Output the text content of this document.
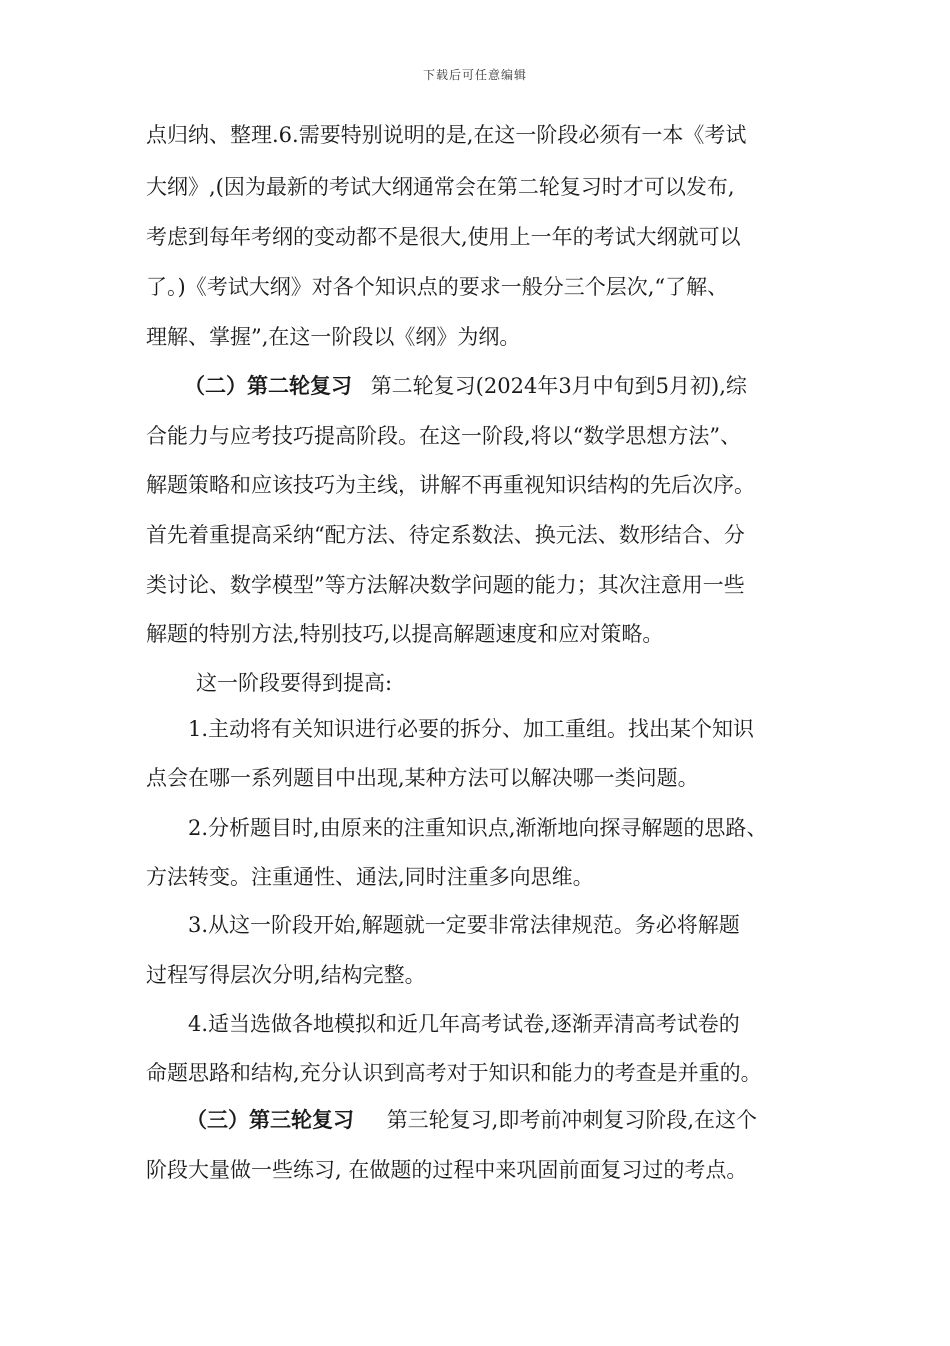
下载后可任意编辑
点归纳、整理.6.需要特别说明的是,在这一阶段必须有一本《考试
大纲》,(因为最新的考试大纲通常会在第二轮复习时才可以发布,
考虑到每年考纲的变动都不是很大,使用上一年的考试大纲就可以
了。)《考试大纲》对各个知识点的要求一般分三个层次,“了解、
理解、掌握”,在这一阶段以《纲》为纲。
（二）第二轮复习 第二轮复习(2024年3月中旬到5月初),综
合能力与应考技巧提高阶段。在这一阶段,将以“数学思想方法”、
解题策略和应该技巧为主线，讲解不再重视知识结构的先后次序。
首先着重提高采纳“配方法、待定系数法、换元法、数形结合、分
类讨论、数学模型”等方法解决数学问题的能力；其次注意用一些
解题的特别方法,特别技巧,以提高解题速度和应对策略。
这一阶段要得到提高:
1.主动将有关知识进行必要的拆分、加工重组。找出某个知识
点会在哪一系列题目中出现,某种方法可以解决哪一类问题。
2.分析题目时,由原来的注重知识点,渐渐地向探寻解题的思路、
方法转变。注重通性、通法,同时注重多向思维。
3.从这一阶段开始,解题就一定要非常法律规范。务必将解题
过程写得层次分明,结构完整。
4.适当选做各地模拟和近几年高考试卷,逐渐弄清高考试卷的
命题思路和结构,充分认识到高考对于知识和能力的考查是并重的。
（三）第三轮复习 第三轮复习,即考前冲刺复习阶段,在这个
阶段大量做一些练习, 在做题的过程中来巩固前面复习过的考点。
